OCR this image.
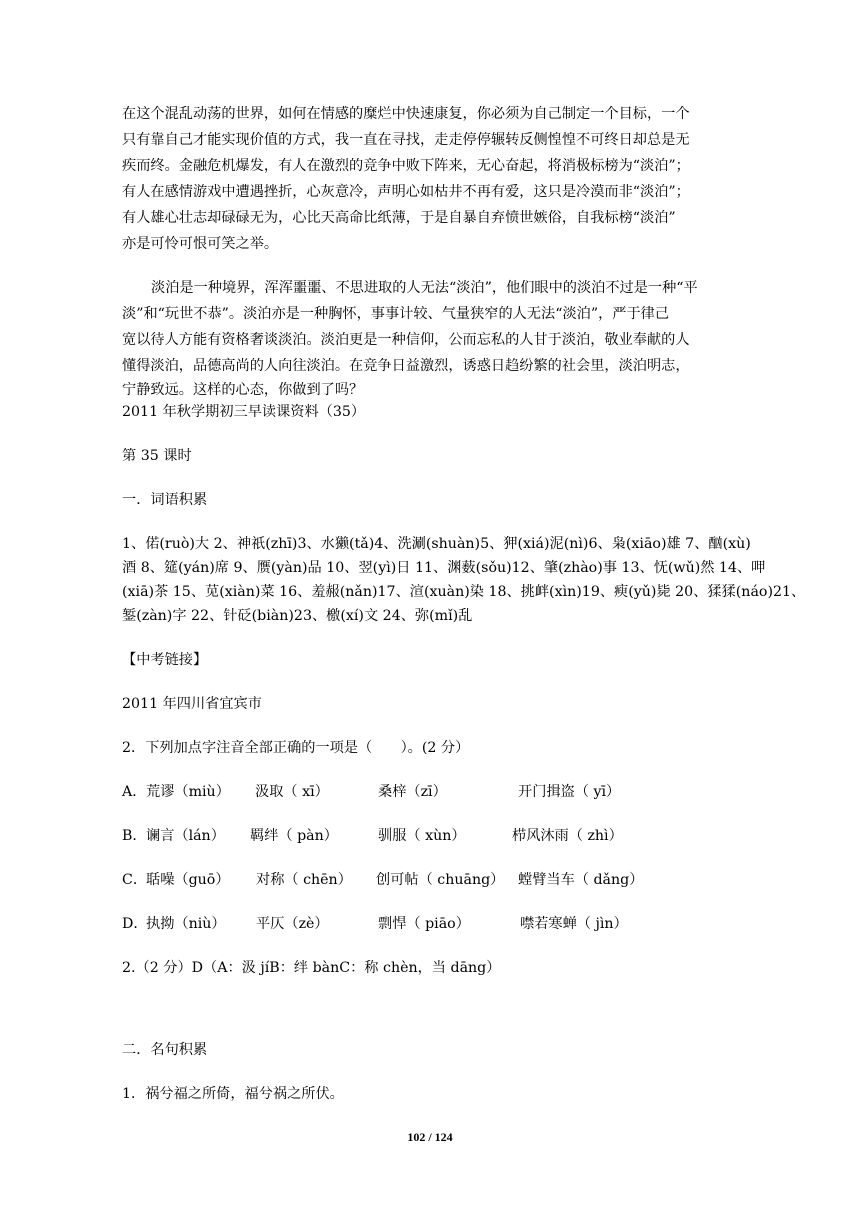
在这个混乱动荡的世界，如何在情感的糜烂中快速康复，你必须为自己制定一个目标，一个
只有靠自己才能实现价值的方式，我一直在寻找，走走停停辗转反侧惶惶不可终日却总是无
疾而终。金融危机爆发，有人在激烈的竞争中败下阵来，无心奋起，将消极标榜为“淡泊”；
有人在感情游戏中遭遇挫折，心灰意冷，声明心如枯井不再有爱，这只是冷漠而非“淡泊”；
有人雄心壮志却碌碌无为，心比天高命比纸薄，于是自暴自弃愤世嫉俗，自我标榜“淡泊”
亦是可怜可恨可笑之举。
淡泊是一种境界，浑浑噩噩、不思进取的人无法“淡泊”，他们眼中的淡泊不过是一种“平
淡”和“玩世不恭”。淡泊亦是一种胸怀，事事计较、气量狭窄的人无法“淡泊”，严于律己
宽以待人方能有资格奢谈淡泊。淡泊更是一种信仰，公而忘私的人甘于淡泊，敬业奉献的人
懂得淡泊，品德高尚的人向往淡泊。在竞争日益激烈，诱惑日趋纷繁的社会里，淡泊明志，
宁静致远。这样的心态，你做到了吗？
2011 年秋学期初三早读课资料（35）
第 35 课时
一．词语积累
1、偌(ruò)大 2、神祇(zhī)3、水獭(tǎ)4、洗涮(shuàn)5、狎(xiá)泥(nì)6、枭(xiāo)雄 7、酗(xù)
酒 8、筵(yán)席 9、赝(yàn)品 10、翌(yì)日 11、渊薮(sǒu)12、肇(zhào)事 13、怃(wǔ)然 14、呷
(xiā)茶 15、苋(xiàn)菜 16、羞赧(nǎn)17、渲(xuàn)染 18、挑衅(xìn)19、瘐(yǔ)毙 20、猱猱(náo)21、
錾(zàn)字 22、针砭(biàn)23、檄(xí)文 24、弥(mǐ)乱
【中考链接】
2011 年四川省宜宾市
2．下列加点字注音全部正确的一项是（　　）。(2 分）
A． 荒谬（miù） 汲取（ xī）	桑梓（zī）	开门揖盗（ yī）
B． 谰言（lán） 羁绊（ pàn）	驯服（ xùn）	栉风沐雨（ zhì）
C．
聒噪（guō） 对称（ chēn） 创可帖（ chuāng） 螳臂当车（ dǎng）
D．
执拗（niù） 平仄（zè）	剽悍（ piāo）	噤若寒蝉（ jìn）
2.（2 分）D（A：汲 jíB：绊 bànC：称 chèn，当 dāng）
二．名句积累
1．祸兮福之所倚，福兮祸之所伏。
102 / 124
